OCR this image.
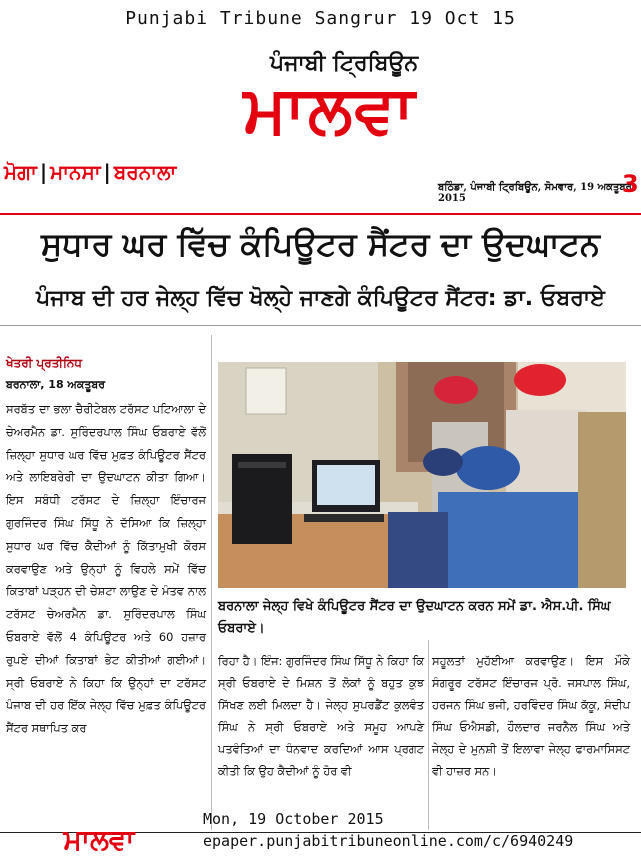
Punjabi Tribune Sangrur 19 Oct 15
ਪੰਜਾਬੀ ਟ੍ਰਿਬਿਊਨ
ਮਾਲਵਾ
ਮੋਗਾ | ਮਾਨਸਾ | ਬਰਨਾਲਾ
ਬਠਿੰਡਾ, ਪੰਜਾਬੀ ਟ੍ਰਿਬਿਊਨ, ਸੋਮਵਾਰ, 19 ਅਕਤੂਬਰ 2015
3
ਸੁਧਾਰ ਘਰ ਵਿੱਚ ਕੰਪਿਊਟਰ ਸੈਂਟਰ ਦਾ ਉਦਘਾਟਨ
ਪੰਜਾਬ ਦੀ ਹਰ ਜੇਲ੍ਹ ਵਿੱਚ ਖੋਲ੍ਹੇ ਜਾਣਗੇ ਕੰਪਿਊਟਰ ਸੈਂਟਰ: ਡਾ. ਓਬਰਾਏ
ਖੇਤਰੀ ਪ੍ਰਤੀਨਿਧ
ਬਰਨਾਲਾ, 18 ਅਕਤੂਬਰ
ਸਰਬੱਤ ਦਾ ਭਲਾ ਚੈਰੀਟੇਬਲ ਟਰੱਸਟ ਪਟਿਆਲਾ ਦੇ ਚੇਅਰਮੈਨ ਡਾ. ਸੁਰਿੰਦਰਪਾਲ ਸਿੰਘ ਓਬਰਾਏ ਵੱਲੋਂ ਜ਼ਿਲ੍ਹਾ ਸੁਧਾਰ ਘਰ ਵਿੱਚ ਮੁਫ਼ਤ ਕੰਪਿਊਟਰ ਸੈਂਟਰ ਅਤੇ ਲਾਇਬਰੇਰੀ ਦਾ ਉਦਘਾਟਨ ਕੀਤਾ ਗਿਆ। ਇਸ ਸਬੰਧੀ ਟਰੱਸਟ ਦੇ ਜ਼ਿਲ੍ਹਾ ਇੰਚਾਰਜ ਗੁਰਜਿੰਦਰ ਸਿੰਘ ਸਿੱਧੂ ਨੇ ਦੱਸਿਆ ਕਿ ਜ਼ਿਲ੍ਹਾ ਸੁਧਾਰ ਘਰ ਵਿੱਚ ਕੈਦੀਆਂ ਨੂੰ ਕਿੱਤਾਮੁਖੀ ਕੋਰਸ ਕਰਵਾਉਣ ਅਤੇ ਉਨ੍ਹਾਂ ਨੂੰ ਵਿਹਲੇ ਸਮੇਂ ਵਿੱਚ ਕਿਤਾਬਾਂ ਪੜ੍ਹਨ ਦੀ ਚੇਸ਼ਟਾ ਲਾਉਣ ਦੇ ਮੰਤਵ ਨਾਲ ਟਰੱਸਟ ਚੇਅਰਮੈਨ ਡਾ. ਸੁਰਿੰਦਰਪਾਲ ਸਿੰਘ ਓਬਰਾਏ ਵੱਲੋਂ 4 ਕੰਪਿਊਟਰ ਅਤੇ 60 ਹਜ਼ਾਰ ਰੁਪਏ ਦੀਆਂ ਕਿਤਾਬਾਂ ਭੇਟ ਕੀਤੀਆਂ ਗਈਆਂ। ਸ੍ਰੀ ਓਬਰਾਏ ਨੇ ਕਿਹਾ ਕਿ ਉਨ੍ਹਾਂ ਦਾ ਟਰੱਸਟ ਪੰਜਾਬ ਦੀ ਹਰ ਇੱਕ ਜੇਲ੍ਹ ਵਿੱਚ ਮੁਫ਼ਤ ਕੰਪਿਊਟਰ ਸੈਂਟਰ ਸਥਾਪਿਤ ਕਰ
ਬਰਨਾਲਾ ਜੇਲ੍ਹ ਵਿਖੇ ਕੰਪਿਊਟਰ ਸੈਂਟਰ ਦਾ ਉਦਘਾਟਨ ਕਰਨ ਸਮੇਂ ਡਾ. ਐਸ.ਪੀ. ਸਿੰਘ ਓਬਰਾਏ।
ਰਿਹਾ ਹੈ। ਇੰਜ: ਗੁਰਜਿੰਦਰ ਸਿੰਘ ਸਿੱਧੂ ਨੇ ਕਿਹਾ ਕਿ ਸ੍ਰੀ ਓਬਰਾਏ ਦੇ ਮਿਸ਼ਨ ਤੋਂ ਲੋਕਾਂ ਨੂੰ ਬਹੁਤ ਕੁਝ ਸਿੱਖਣ ਲਈ ਮਿਲਦਾ ਹੈ। ਜੇਲ੍ਹ ਸੁਪਰਡੈਂਟ ਕੁਲਵੰਤ ਸਿੰਘ ਨੇ ਸ੍ਰੀ ਓਬਰਾਏ ਅਤੇ ਸਮੂਹ ਆਪਣੇ ਪਤਵੰਤਿਆਂ ਦਾ ਧੰਨਵਾਦ ਕਰਦਿਆਂ ਆਸ ਪ੍ਰਗਟ ਕੀਤੀ ਕਿ ਉਹ ਕੈਦੀਆਂ ਨੂੰ ਹੋਰ ਵੀ
ਸਹੂਲਤਾਂ ਮੁਹੱਈਆ ਕਰਵਾਉਣ। ਇਸ ਮੌਕੇ ਸੰਗਰੂਰ ਟਰੱਸਟ ਇੰਚਾਰਜ ਪ੍ਰੋ. ਜਸਪਾਲ ਸਿੰਘ, ਹਰਜਨ ਸਿੰਘ ਭਜੀ, ਹਰਵਿੰਦਰ ਸਿੰਘ ਕੱਕੂ, ਸੰਦੀਪ ਸਿੰਘ ਓਐਸਡੀ, ਹੌਲਦਾਰ ਜਰਨੈਲ ਸਿੰਘ ਅਤੇ ਜੇਲ੍ਹ ਦੇ ਮੁਨਸ਼ੀ ਤੋਂ ਇਲਾਵਾ ਜੇਲ੍ਹ ਫਾਰਮਾਸਿਸਟ ਵੀ ਹਾਜ਼ਰ ਸਨ।
ਮਾਲਵਾ
Mon, 19 October 2015
epaper.punjabitribuneonline.com/c/6940249
